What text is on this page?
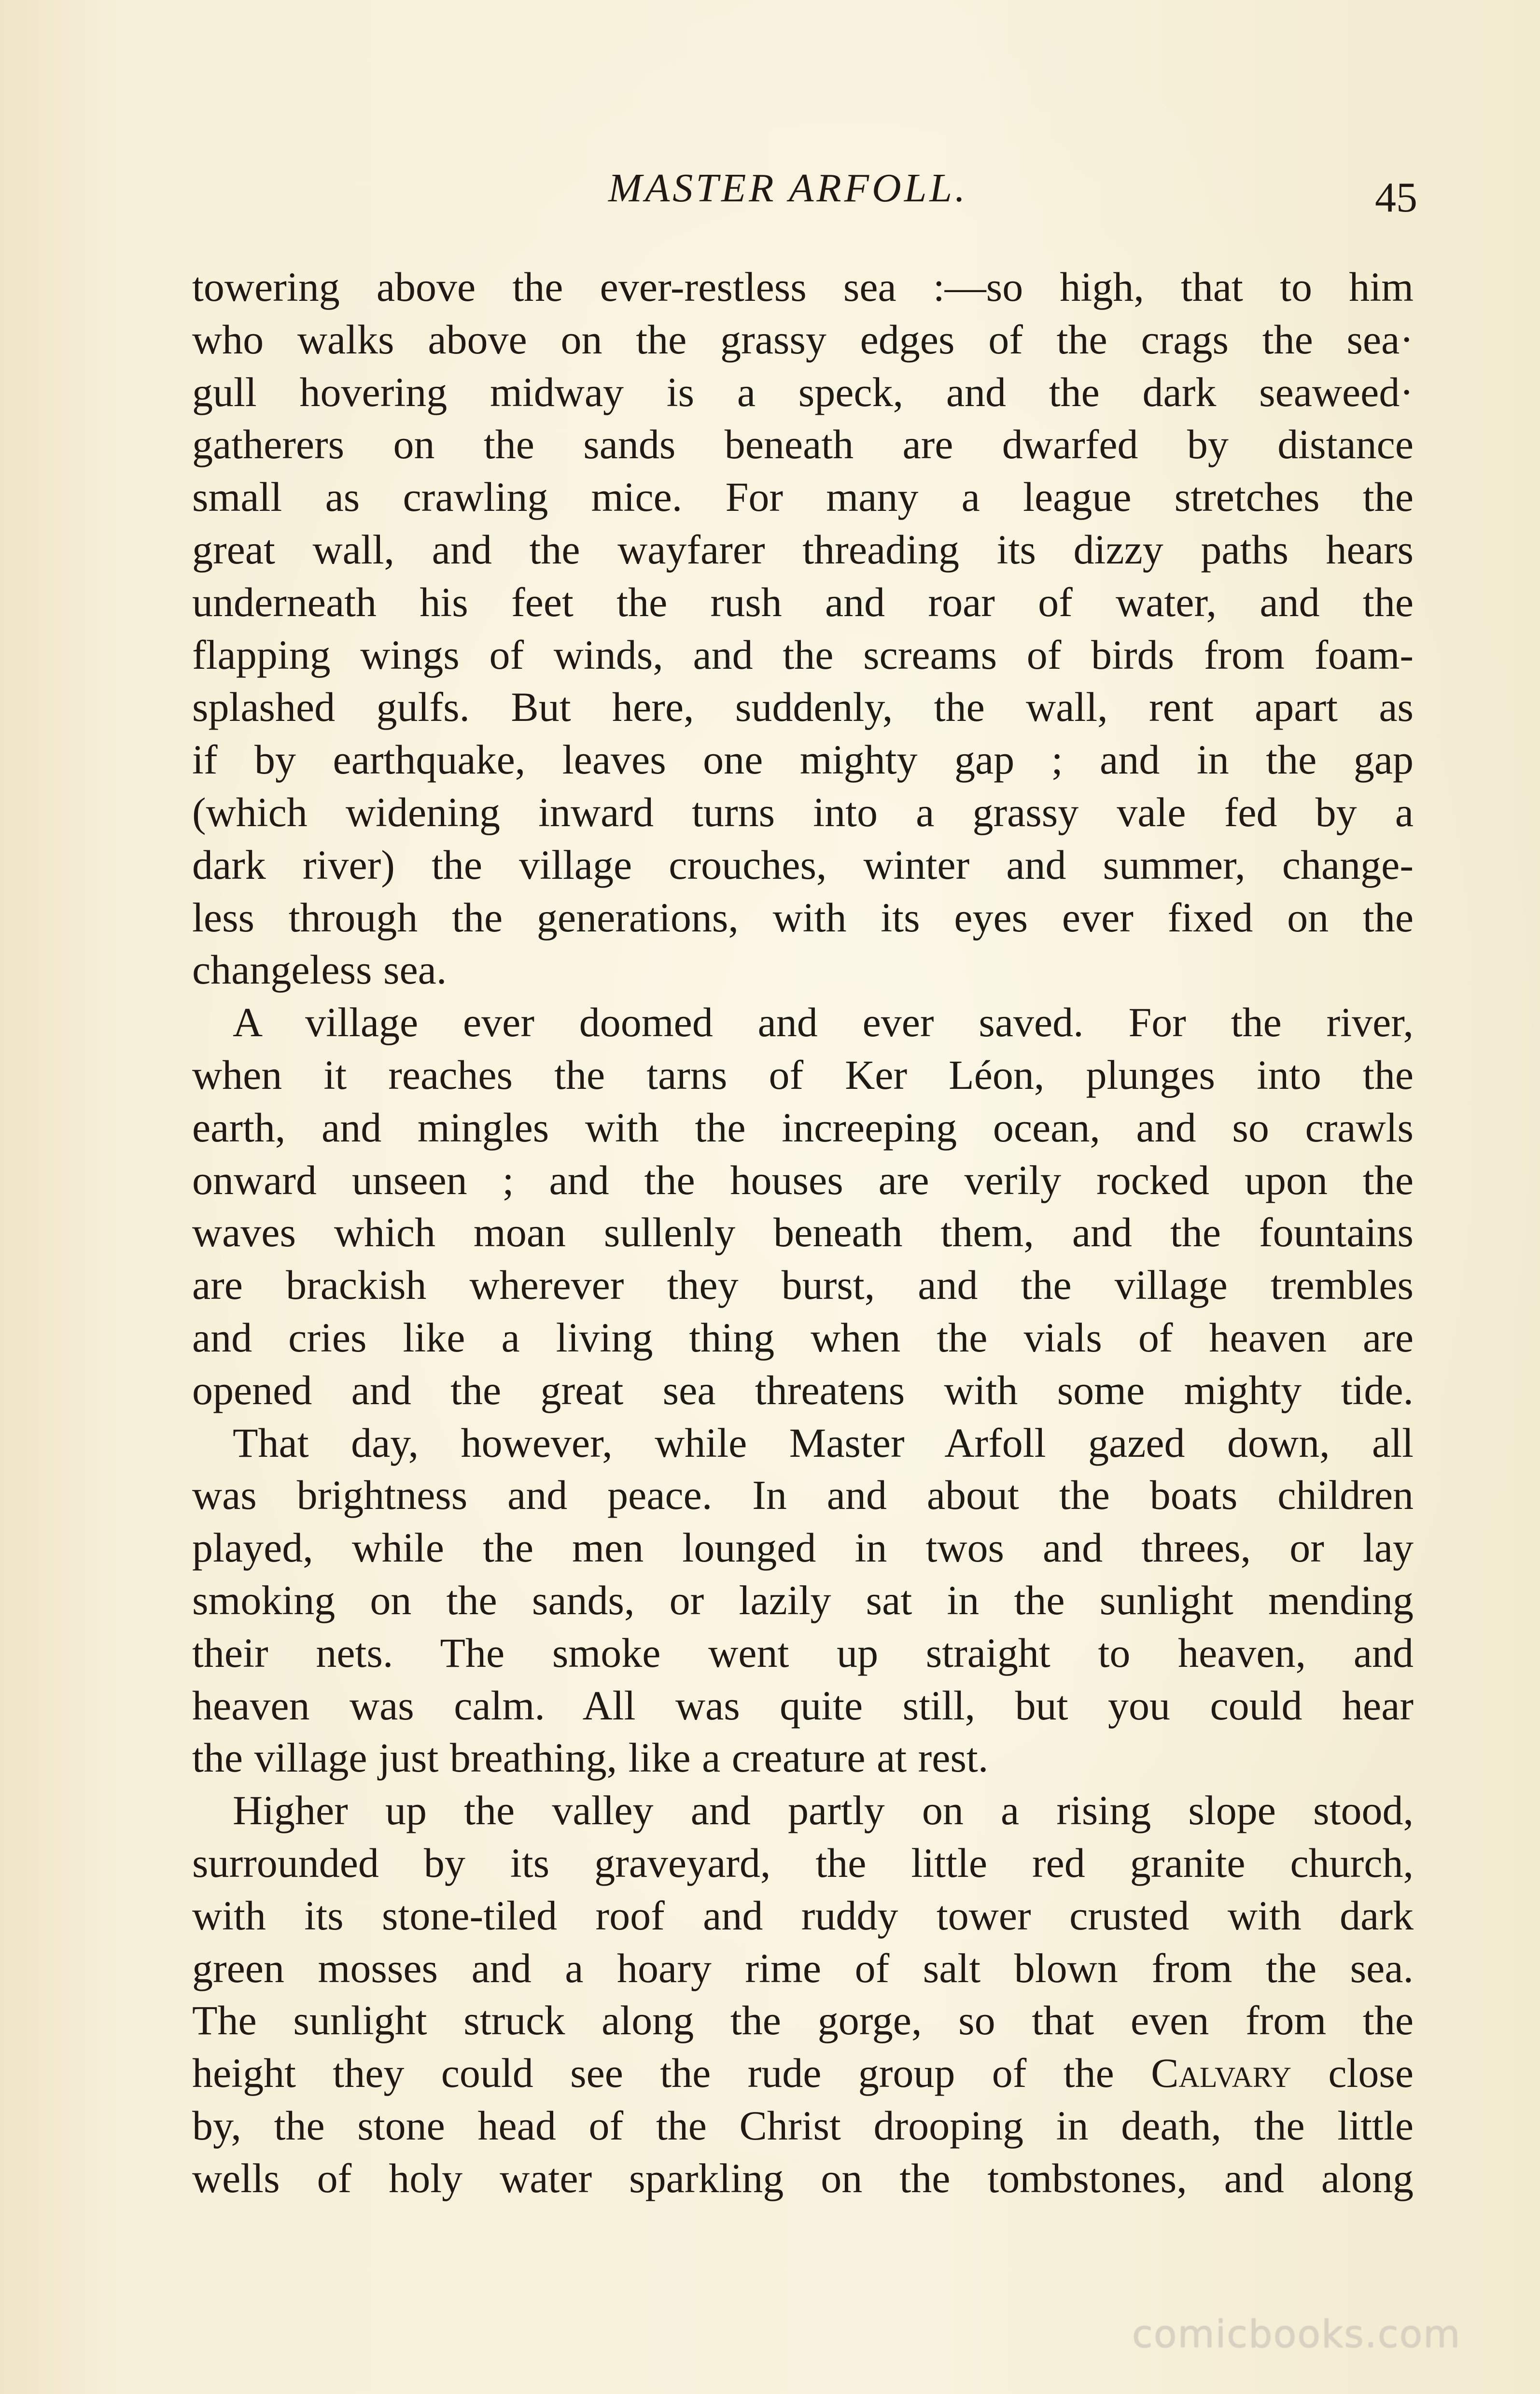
MASTER ARFOLL.	45

towering above the ever-restless sea :—so high, that to him

who walks above on the grassy edges of the crags the sea·

gull hovering midway is a speck, and the dark seaweed·

gatherers on the sands beneath are dwarfed by distance

small as crawling mice. For many a league stretches the

great wall, and the wayfarer threading its dizzy paths hears

underneath his feet the rush and roar of water, and the

flapping wings of winds, and the screams of birds from foam-

splashed gulfs. But here, suddenly, the wall, rent apart as

if by earthquake, leaves one mighty gap ; and in the gap

(which widening inward turns into a grassy vale fed by a

dark river) the village crouches, winter and summer, change-

less through the generations, with its eyes ever fixed on the

changeless sea.

A village ever doomed and ever saved. For the river,

when it reaches the tarns of Ker Léon, plunges into the

earth, and mingles with the increeping ocean, and so crawls

onward unseen ; and the houses are verily rocked upon the

waves which moan sullenly beneath them, and the fountains

are brackish wherever they burst, and the village trembles

and cries like a living thing when the vials of heaven are

opened and the great sea threatens with some mighty tide.

That day, however, while Master Arfoll gazed down, all

was brightness and peace. In and about the boats children

played, while the men lounged in twos and threes, or lay

smoking on the sands, or lazily sat in the sunlight mending

their nets. The smoke went up straight to heaven, and

heaven was calm. All was quite still, but you could hear

the village just breathing, like a creature at rest.

Higher up the valley and partly on a rising slope stood,

surrounded by its graveyard, the little red granite church,

with its stone-tiled roof and ruddy tower crusted with dark

green mosses and a hoary rime of salt blown from the sea.

The sunlight struck along the gorge, so that even from the

height they could see the rude group of the Calvary close

by, the stone head of the Christ drooping in death, the little

wells of holy water sparkling on the tombstones, and along

comicbooks.com
